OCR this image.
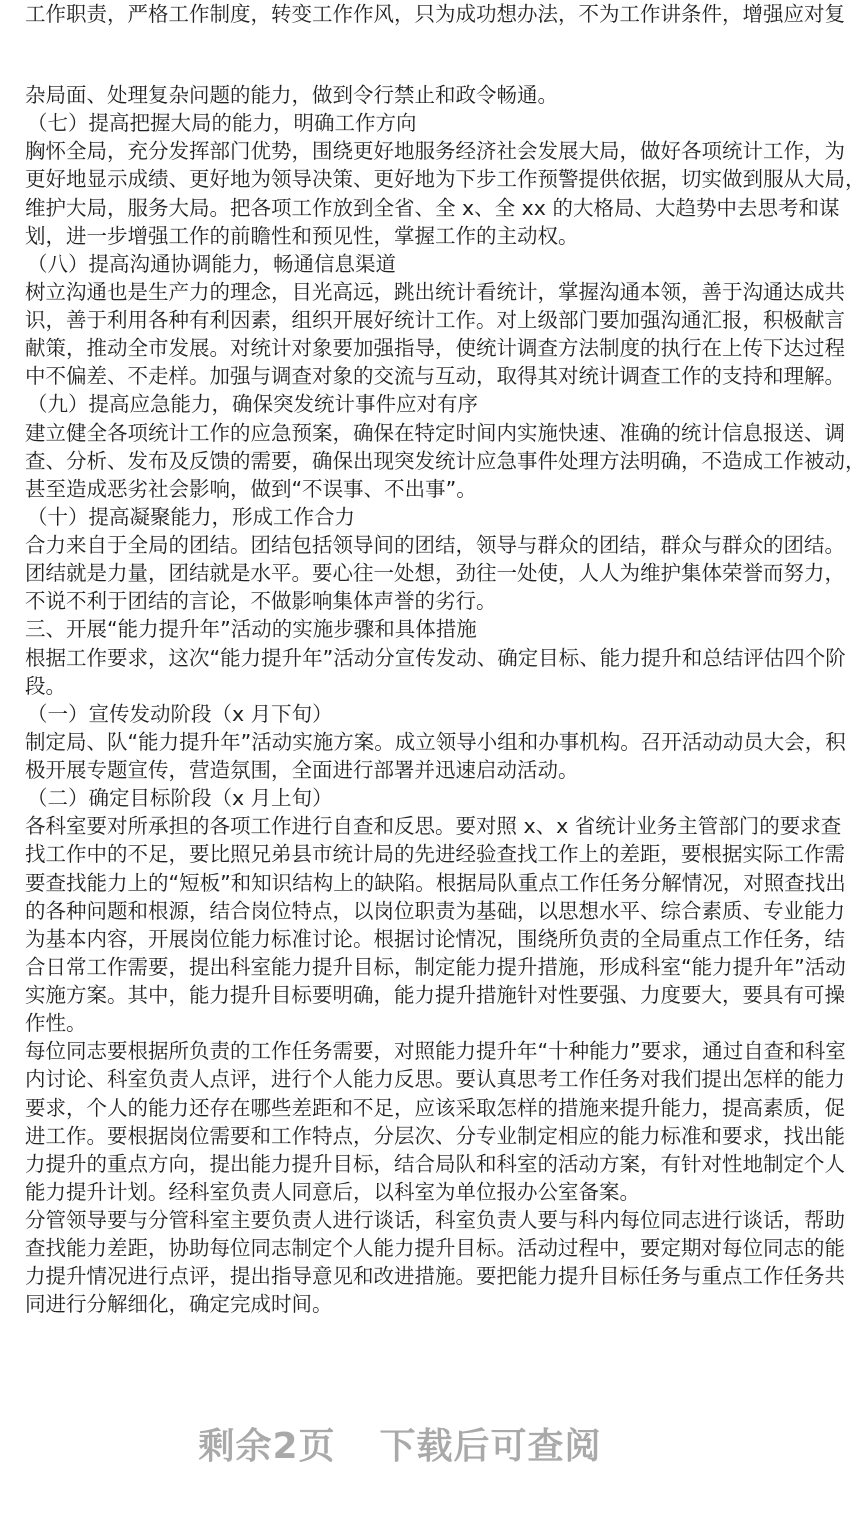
工作职责，严格工作制度，转变工作作风，只为成功想办法，不为工作讲条件，增强应对复
杂局面、处理复杂问题的能力，做到令行禁止和政令畅通。
（七）提高把握大局的能力，明确工作方向
胸怀全局，充分发挥部门优势，围绕更好地服务经济社会发展大局，做好各项统计工作，为
更好地显示成绩、更好地为领导决策、更好地为下步工作预警提供依据，切实做到服从大局，
维护大局，服务大局。把各项工作放到全省、全 x、全 xx 的大格局、大趋势中去思考和谋
划，进一步增强工作的前瞻性和预见性，掌握工作的主动权。
（八）提高沟通协调能力，畅通信息渠道
树立沟通也是生产力的理念，目光高远，跳出统计看统计，掌握沟通本领，善于沟通达成共
识，善于利用各种有利因素，组织开展好统计工作。对上级部门要加强沟通汇报，积极献言
献策，推动全市发展。对统计对象要加强指导，使统计调查方法制度的执行在上传下达过程
中不偏差、不走样。加强与调查对象的交流与互动，取得其对统计调查工作的支持和理解。
（九）提高应急能力，确保突发统计事件应对有序
建立健全各项统计工作的应急预案，确保在特定时间内实施快速、准确的统计信息报送、调
查、分析、发布及反馈的需要，确保出现突发统计应急事件处理方法明确，不造成工作被动，
甚至造成恶劣社会影响，做到“不误事、不出事”。
（十）提高凝聚能力，形成工作合力
合力来自于全局的团结。团结包括领导间的团结，领导与群众的团结，群众与群众的团结。
团结就是力量，团结就是水平。要心往一处想，劲往一处使，人人为维护集体荣誉而努力，
不说不利于团结的言论，不做影响集体声誉的劣行。
三、开展“能力提升年”活动的实施步骤和具体措施
根据工作要求，这次“能力提升年”活动分宣传发动、确定目标、能力提升和总结评估四个阶
段。
（一）宣传发动阶段（x 月下旬）
制定局、队“能力提升年”活动实施方案。成立领导小组和办事机构。召开活动动员大会，积
极开展专题宣传，营造氛围，全面进行部署并迅速启动活动。
（二）确定目标阶段（x 月上旬）
各科室要对所承担的各项工作进行自查和反思。要对照 x、x 省统计业务主管部门的要求查
找工作中的不足，要比照兄弟县市统计局的先进经验查找工作上的差距，要根据实际工作需
要查找能力上的“短板”和知识结构上的缺陷。根据局队重点工作任务分解情况，对照查找出
的各种问题和根源，结合岗位特点，以岗位职责为基础，以思想水平、综合素质、专业能力
为基本内容，开展岗位能力标准讨论。根据讨论情况，围绕所负责的全局重点工作任务，结
合日常工作需要，提出科室能力提升目标，制定能力提升措施，形成科室“能力提升年”活动
实施方案。其中，能力提升目标要明确，能力提升措施针对性要强、力度要大，要具有可操
作性。
每位同志要根据所负责的工作任务需要，对照能力提升年“十种能力”要求，通过自查和科室
内讨论、科室负责人点评，进行个人能力反思。要认真思考工作任务对我们提出怎样的能力
要求，个人的能力还存在哪些差距和不足，应该采取怎样的措施来提升能力，提高素质，促
进工作。要根据岗位需要和工作特点，分层次、分专业制定相应的能力标准和要求，找出能
力提升的重点方向，提出能力提升目标，结合局队和科室的活动方案，有针对性地制定个人
能力提升计划。经科室负责人同意后，以科室为单位报办公室备案。
分管领导要与分管科室主要负责人进行谈话，科室负责人要与科内每位同志进行谈话，帮助
查找能力差距，协助每位同志制定个人能力提升目标。活动过程中，要定期对每位同志的能
力提升情况进行点评，提出指导意见和改进措施。要把能力提升目标任务与重点工作任务共
同进行分解细化，确定完成时间。
剩余2页 下载后可查阅
